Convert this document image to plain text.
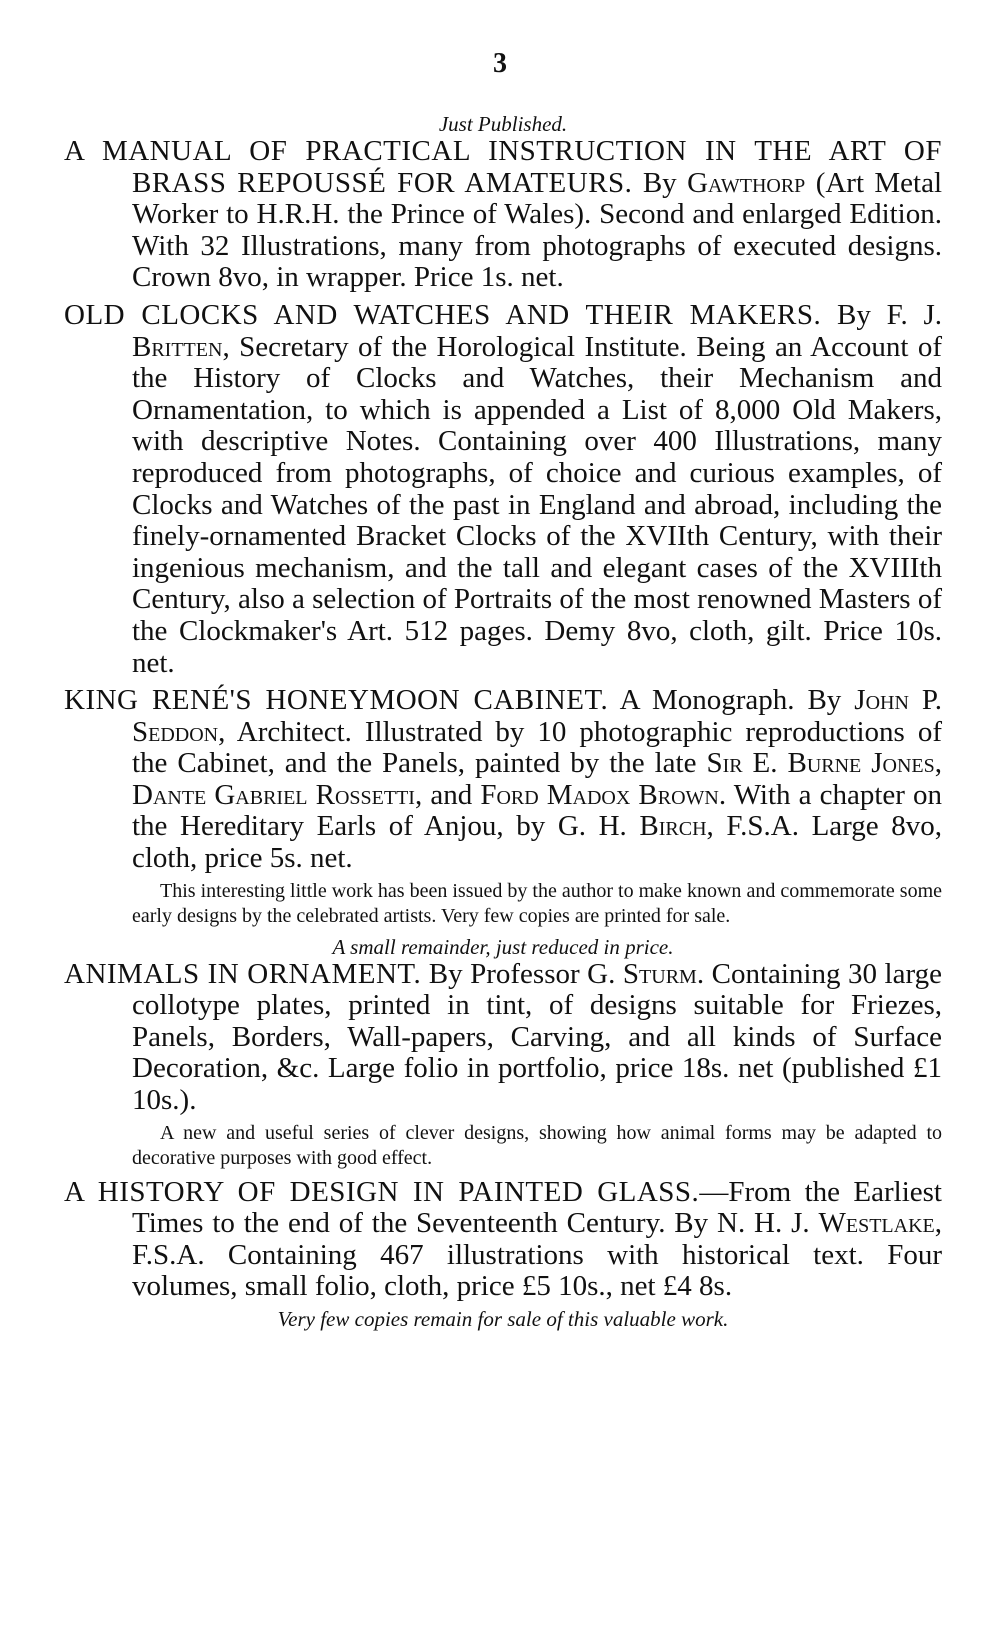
3

Just Published.

A MANUAL OF PRACTICAL INSTRUCTION IN THE ART OF BRASS REPOUSSÉ FOR AMATEURS. By Gawthorp (Art Metal Worker to H.R.H. the Prince of Wales). Second and enlarged Edition. With 32 Illustrations, many from photographs of executed designs. Crown 8vo, in wrapper. Price 1s. net.

OLD CLOCKS AND WATCHES AND THEIR MAKERS. By F. J. Britten, Secretary of the Horological Institute. Being an Account of the History of Clocks and Watches, their Mechanism and Ornamentation, to which is appended a List of 8,000 Old Makers, with descriptive Notes. Containing over 400 Illustrations, many reproduced from photographs, of choice and curious examples, of Clocks and Watches of the past in England and abroad, including the finely-ornamented Bracket Clocks of the XVIIth Century, with their ingenious mechanism, and the tall and elegant cases of the XVIIIth Century, also a selection of Portraits of the most renowned Masters of the Clockmaker's Art. 512 pages. Demy 8vo, cloth, gilt. Price 10s. net.

KING RENÉ'S HONEYMOON CABINET. A Monograph. By John P. Seddon, Architect. Illustrated by 10 photographic reproductions of the Cabinet, and the Panels, painted by the late Sir E. Burne Jones, Dante Gabriel Rossetti, and Ford Madox Brown. With a chapter on the Hereditary Earls of Anjou, by G. H. Birch, F.S.A. Large 8vo, cloth, price 5s. net.

This interesting little work has been issued by the author to make known and commemorate some early designs by the celebrated artists. Very few copies are printed for sale.

A small remainder, just reduced in price.

ANIMALS IN ORNAMENT. By Professor G. Sturm. Containing 30 large collotype plates, printed in tint, of designs suitable for Friezes, Panels, Borders, Wall-papers, Carving, and all kinds of Surface Decoration, &c. Large folio in portfolio, price 18s. net (published £1 10s.).

A new and useful series of clever designs, showing how animal forms may be adapted to decorative purposes with good effect.

A HISTORY OF DESIGN IN PAINTED GLASS.—From the Earliest Times to the end of the Seventeenth Century. By N. H. J. Westlake, F.S.A. Containing 467 illustrations with historical text. Four volumes, small folio, cloth, price £5 10s., net £4 8s.

Very few copies remain for sale of this valuable work.
